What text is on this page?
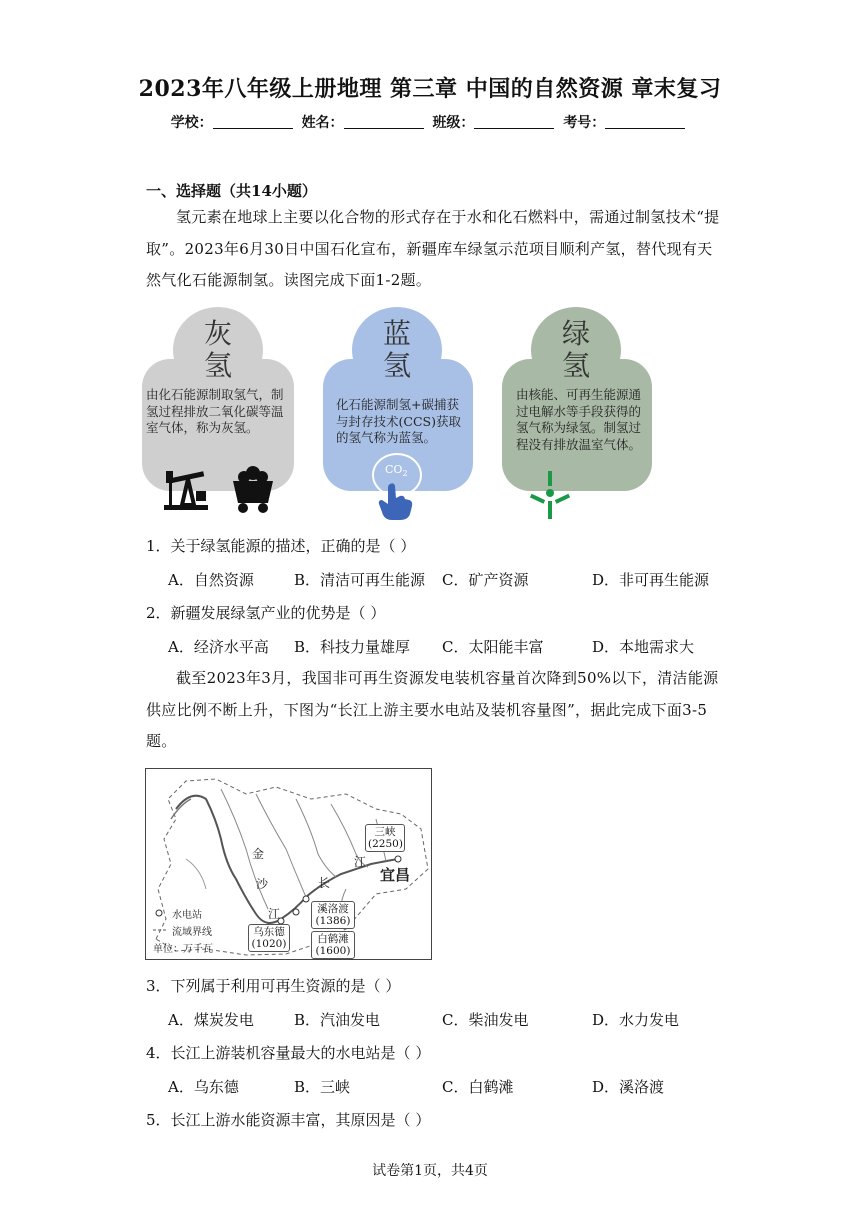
2023年八年级上册地理 第三章 中国的自然资源 章末复习
学校：	姓名：	班级：	考号：
一、选择题（共14小题）
氢元素在地球上主要以化合物的形式存在于水和化石燃料中，需通过制氢技术“提取”。2023年6月30日中国石化宣布，新疆库车绿氢示范项目顺利产氢，替代现有天然气化石能源制氢。读图完成下面1-2题。
灰
氢
由化石能源制取氢气，制氢过程排放二氧化碳等温室气体，称为灰氢。
蓝
氢
化石能源制氢+碳捕获与封存技术(CCS)获取的氢气称为蓝氢。
$CO_2$
绿
氢
由核能、可再生能源通过电解水等手段获得的氢气称为绿氢。制氢过程没有排放温室气体。
1．关于绿氢能源的描述，正确的是（ ）
A．自然资源	B．清洁可再生能源 C．矿产资源	D．非可再生能源
2．新疆发展绿氢产业的优势是（ ）
A．经济水平高 B．科技力量雄厚 C．太阳能丰富	D．本地需求大
截至2023年3月，我国非可再生资源发电装机容量首次降到50%以下，清洁能源供应比例不断上升，下图为“长江上游主要水电站及装机容量图”，据此完成下面3-5题。
金
沙
江
长
江
宜昌
三峡
(2250)
溪洛渡
(1386)
白鹤滩
(1600)
乌东德
(1020)
水电站
流域界线
单位：万千瓦
3．下列属于利用可再生资源的是（ ）
A．煤炭发电	B．汽油发电	C．柴油发电	D．水力发电
4．长江上游装机容量最大的水电站是（ ）
A．乌东德	B．三峡	C．白鹤滩	D．溪洛渡
5．长江上游水能资源丰富，其原因是（ ）
试卷第1页，共4页
